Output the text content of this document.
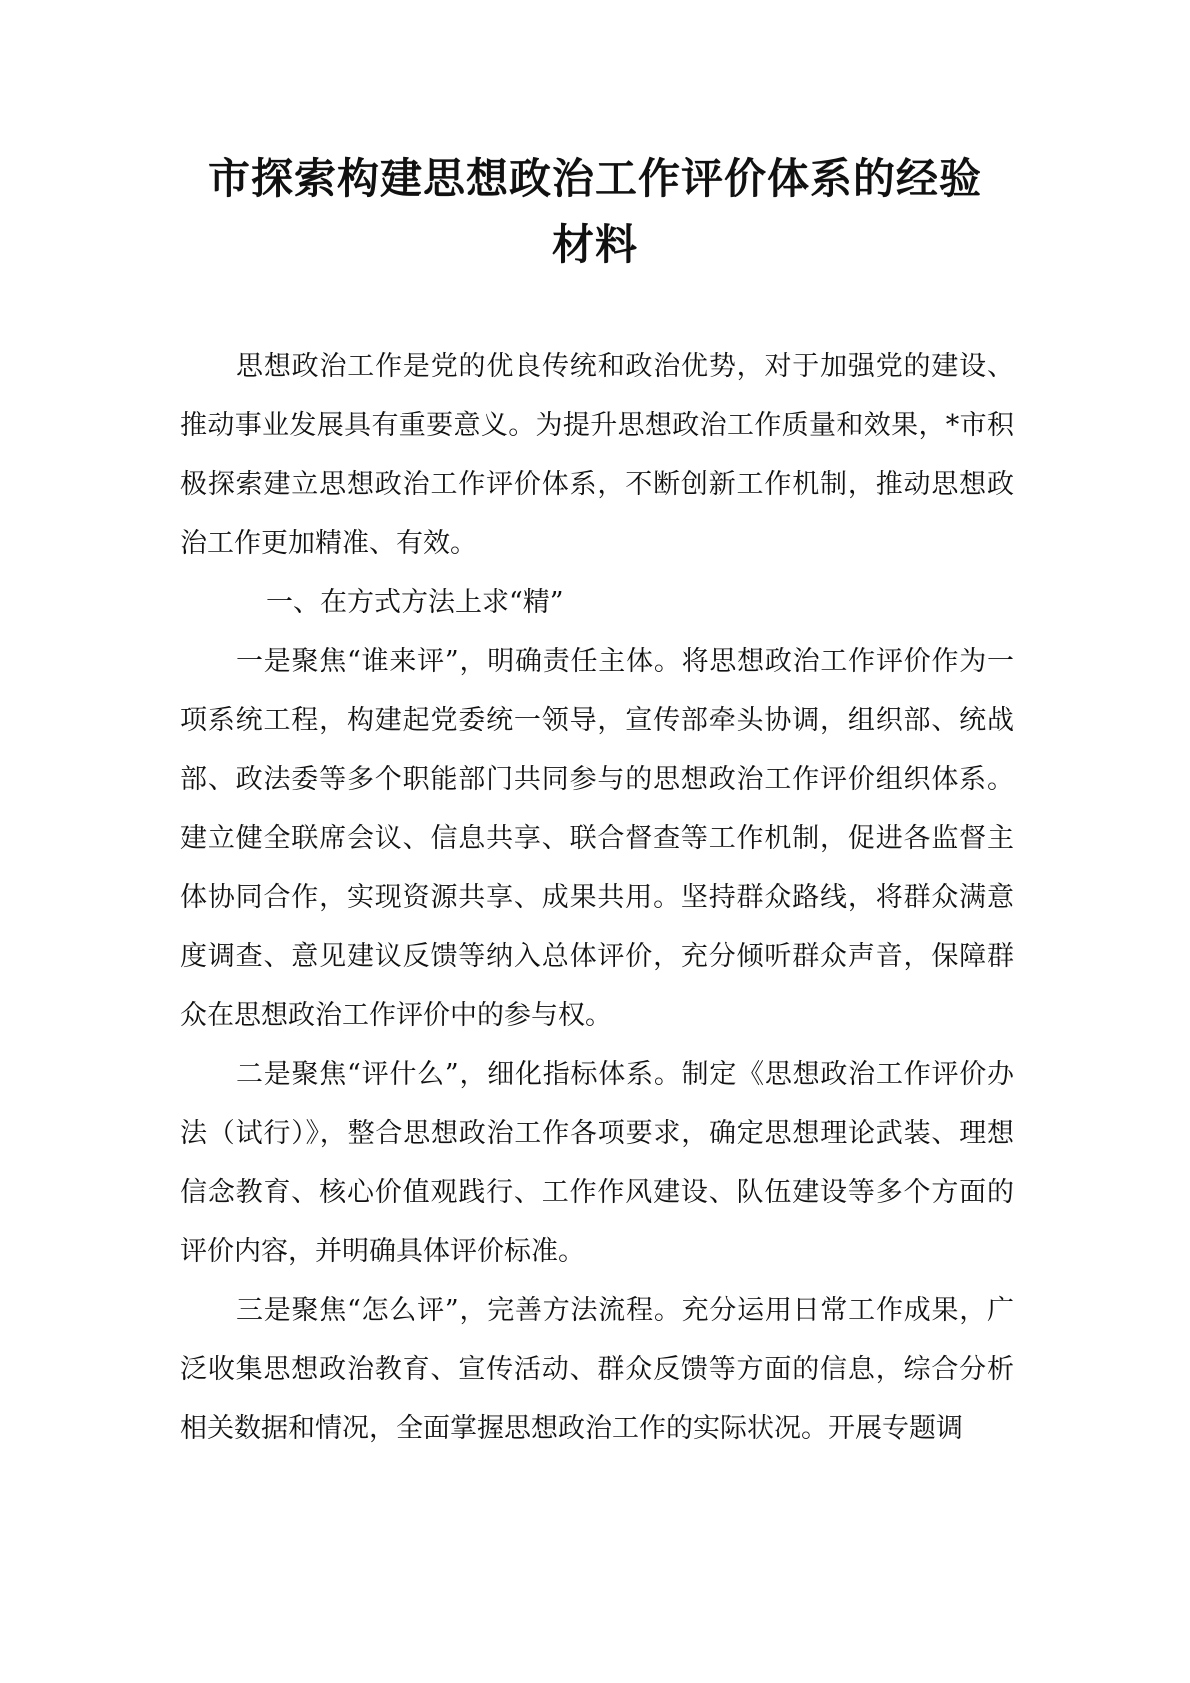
市探索构建思想政治工作评价体系的经验
材料

思想政治工作是党的优良传统和政治优势，对于加强党的建设、推动事业发展具有重要意义。为提升思想政治工作质量和效果，*市积极探索建立思想政治工作评价体系，不断创新工作机制，推动思想政治工作更加精准、有效。

一、在方式方法上求“精”

一是聚焦“谁来评”，明确责任主体。将思想政治工作评价作为一项系统工程，构建起党委统一领导，宣传部牵头协调，组织部、统战部、政法委等多个职能部门共同参与的思想政治工作评价组织体系。建立健全联席会议、信息共享、联合督查等工作机制，促进各监督主体协同合作，实现资源共享、成果共用。坚持群众路线，将群众满意度调查、意见建议反馈等纳入总体评价，充分倾听群众声音，保障群众在思想政治工作评价中的参与权。

二是聚焦“评什么”，细化指标体系。制定《思想政治工作评价办法（试行）》，整合思想政治工作各项要求，确定思想理论武装、理想信念教育、核心价值观践行、工作作风建设、队伍建设等多个方面的评价内容，并明确具体评价标准。

三是聚焦“怎么评”，完善方法流程。充分运用日常工作成果，广泛收集思想政治教育、宣传活动、群众反馈等方面的信息，综合分析相关数据和情况，全面掌握思想政治工作的实际状况。开展专题调
